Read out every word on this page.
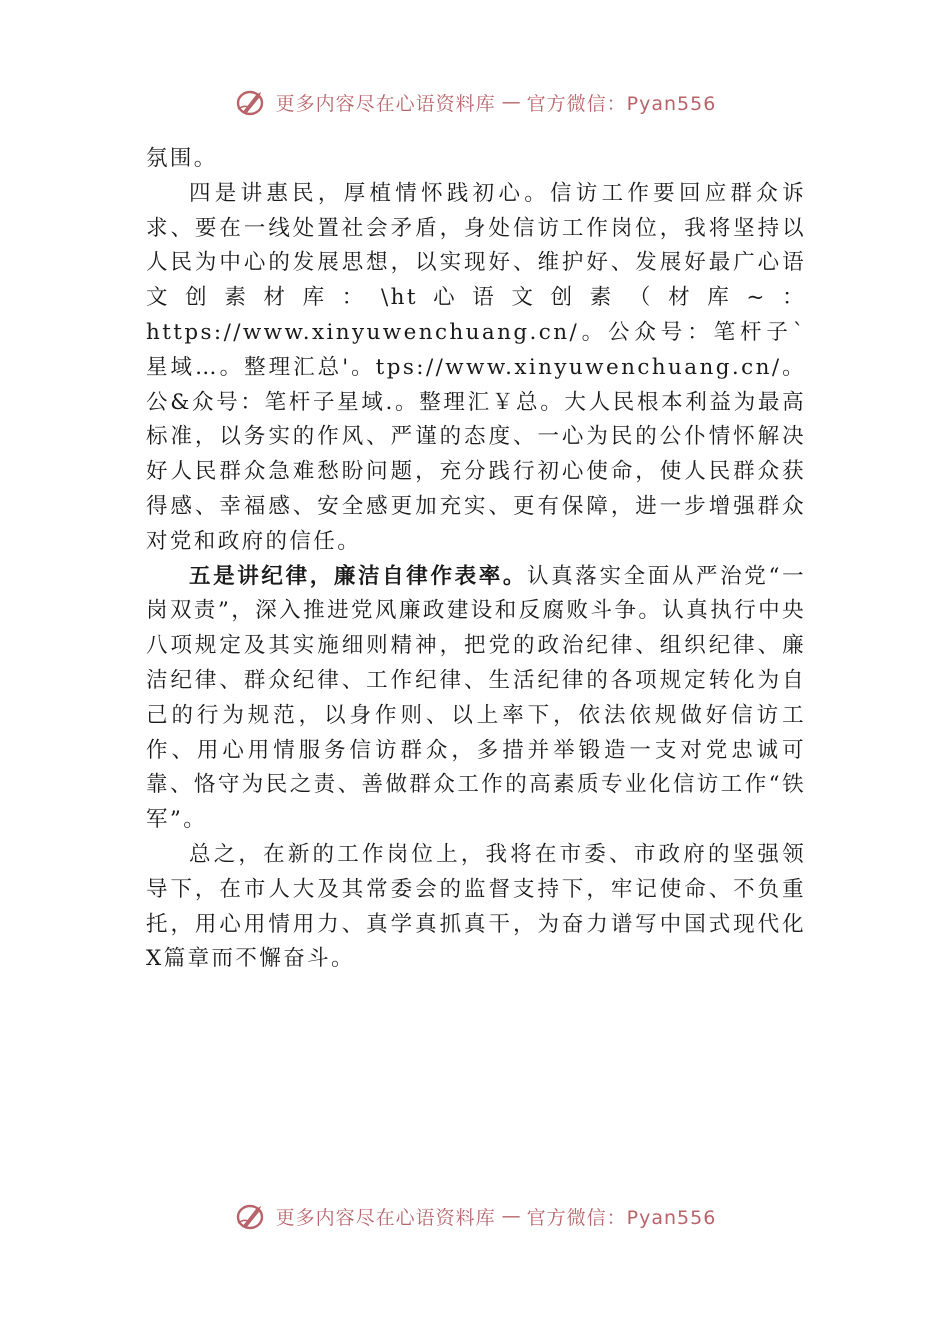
更多内容尽在心语资料库 — 官方微信：Pyan556

氛围。

四是讲惠民，厚植情怀践初心。信访工作要回应群众诉求、要在一线处置社会矛盾，身处信访工作岗位，我将坚持以人民为中心的发展思想，以实现好、维护好、发展好最广心语文创素材库：\ht心语文创素（材库~：https://www.xinyuwenchuang.cn/。公众号：笔杆子`星域…。整理汇总'。tps://www.xinyuwenchuang.cn/。公&众号：笔杆子星域.。整理汇￥总。大人民根本利益为最高标准，以务实的作风、严谨的态度、一心为民的公仆情怀解决好人民群众急难愁盼问题，充分践行初心使命，使人民群众获得感、幸福感、安全感更加充实、更有保障，进一步增强群众对党和政府的信任。

五是讲纪律，廉洁自律作表率。认真落实全面从严治党“一岗双责”，深入推进党风廉政建设和反腐败斗争。认真执行中央八项规定及其实施细则精神，把党的政治纪律、组织纪律、廉洁纪律、群众纪律、工作纪律、生活纪律的各项规定转化为自己的行为规范，以身作则、以上率下，依法依规做好信访工作、用心用情服务信访群众，多措并举锻造一支对党忠诚可靠、恪守为民之责、善做群众工作的高素质专业化信访工作“铁军”。

总之，在新的工作岗位上，我将在市委、市政府的坚强领导下，在市人大及其常委会的监督支持下，牢记使命、不负重托，用心用情用力、真学真抓真干，为奋力谱写中国式现代化X篇章而不懈奋斗。

更多内容尽在心语资料库 — 官方微信：Pyan556
